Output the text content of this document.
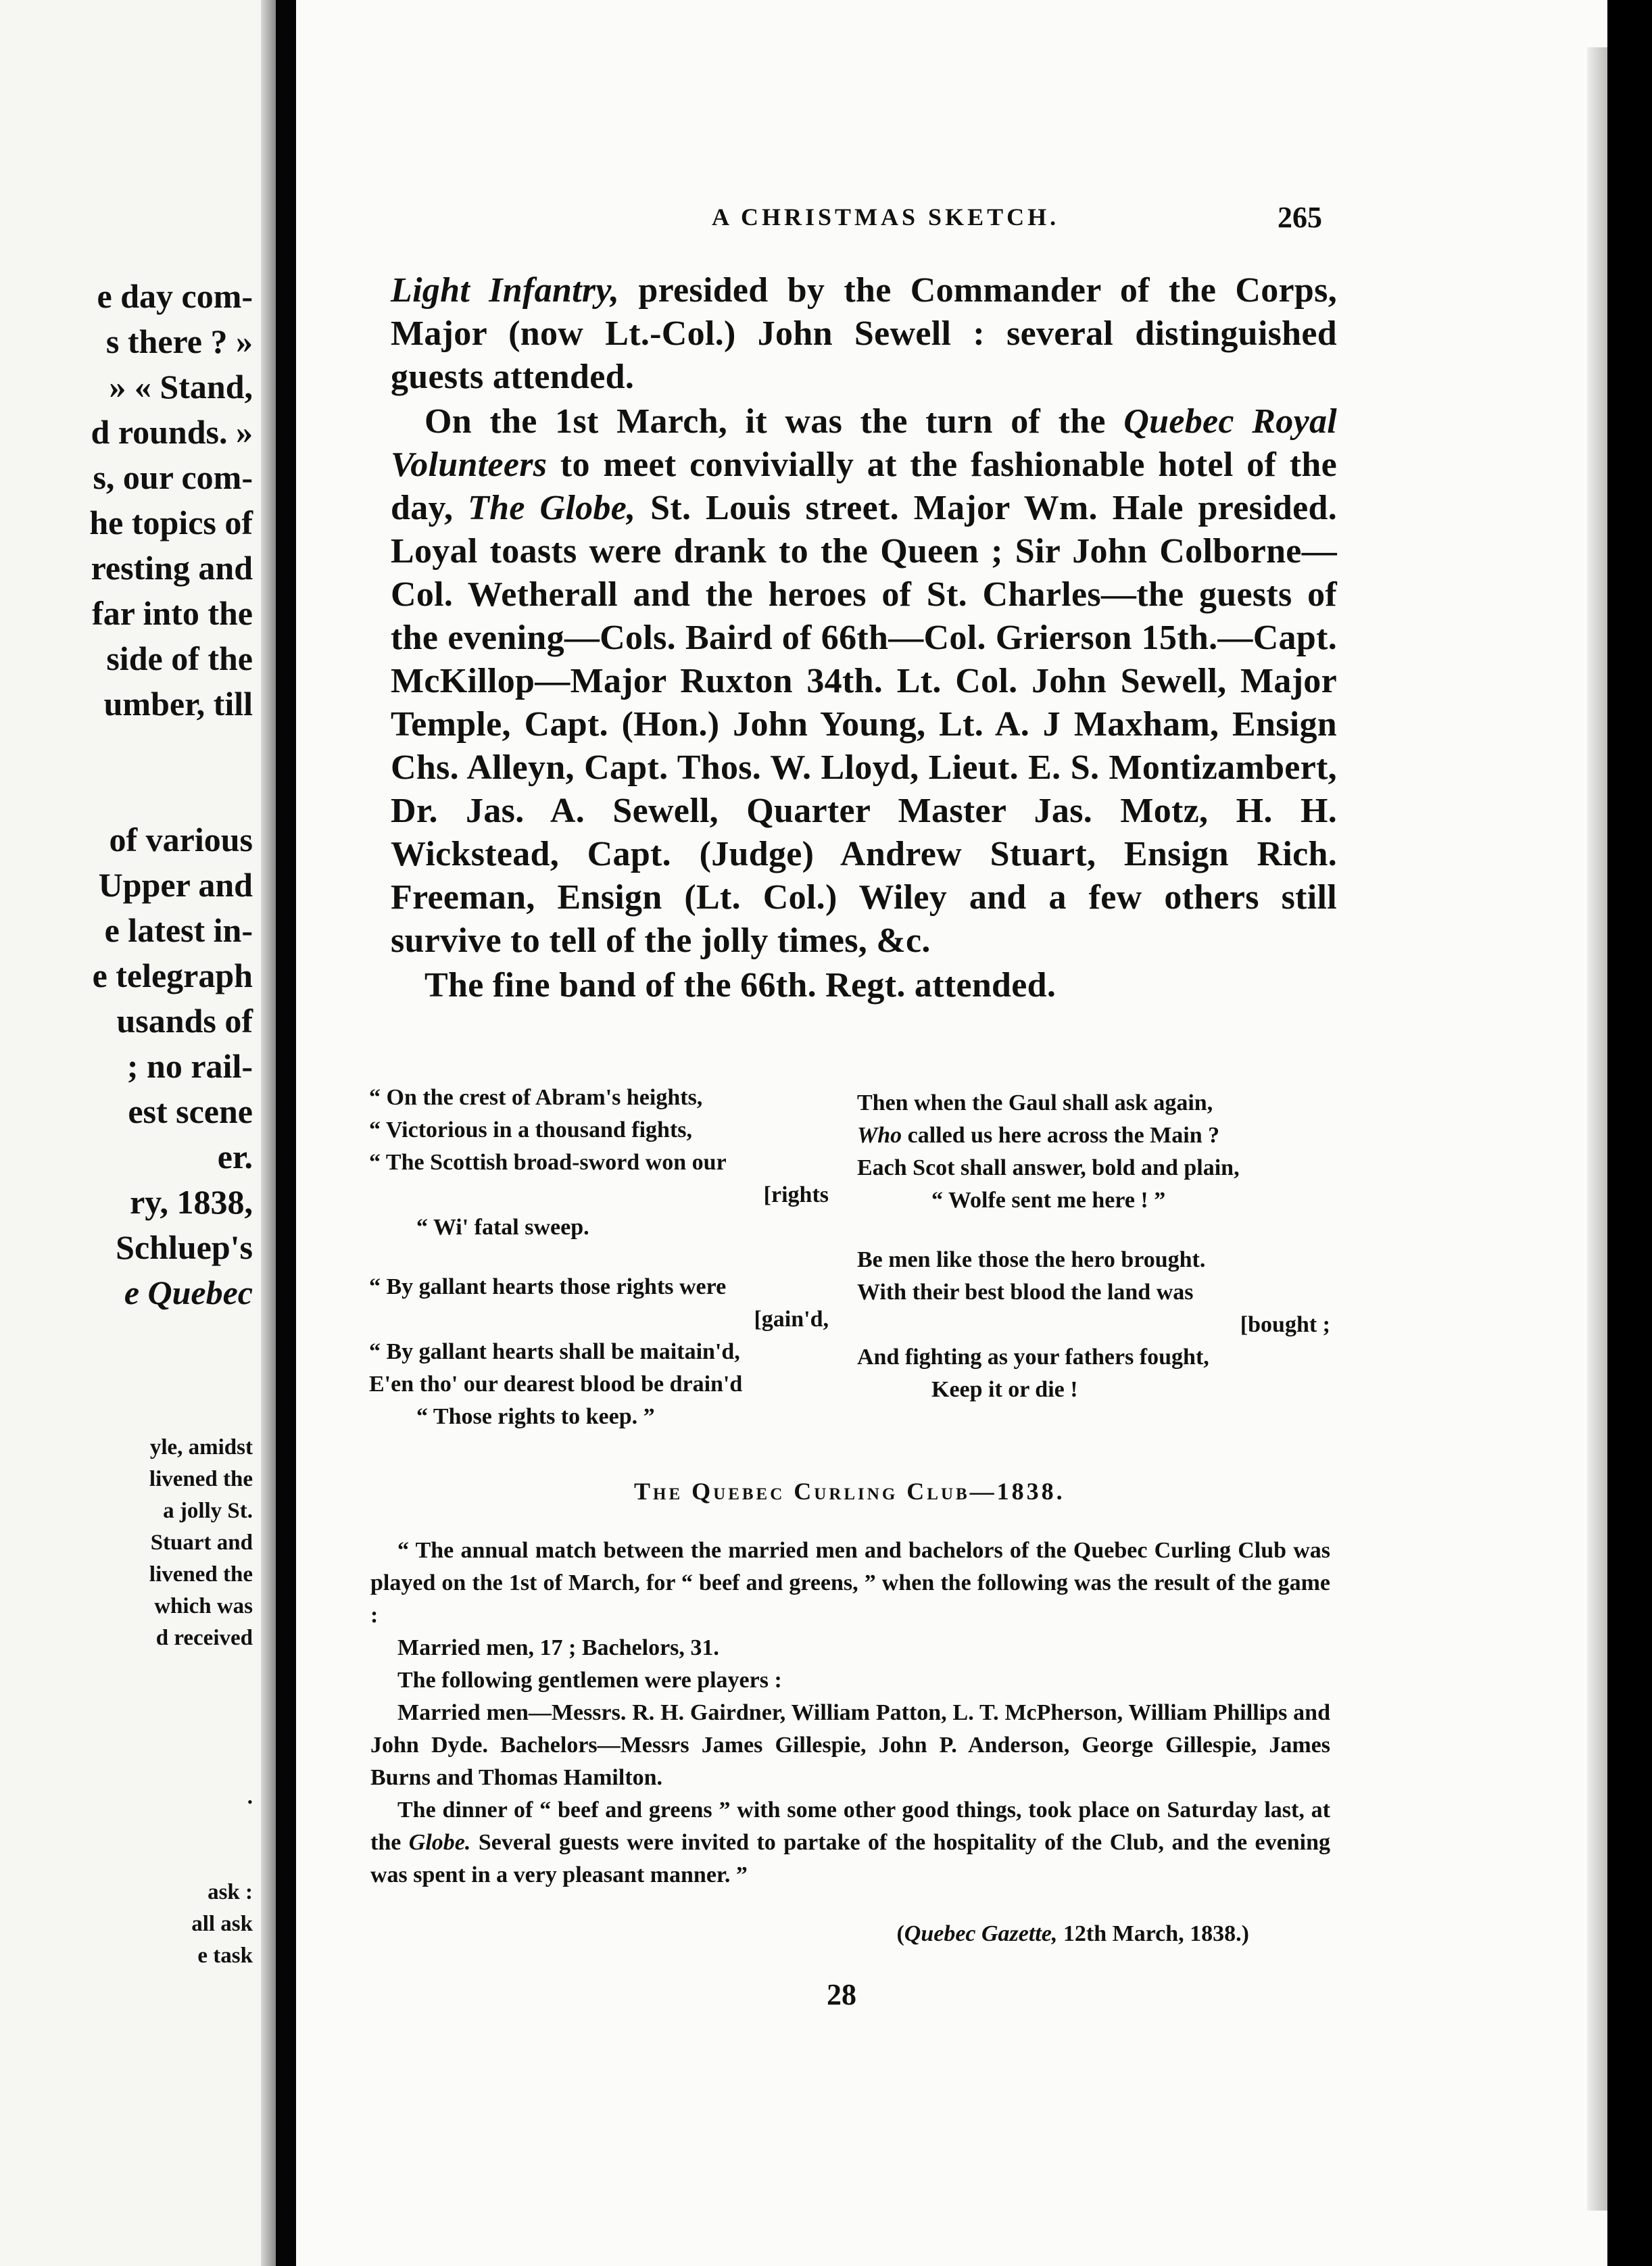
e day com-
s there ? »
» « Stand,
d rounds. »
s, our com-
he topics of
resting and
far into the
side of the
umber, till
of various
Upper and
e latest in-
e telegraph
usands of
; no rail-
est scene
er.
ry, 1838,
Schluep's
e Quebec
yle, amidst
livened the
a jolly St.
Stuart and
livened the
which was
d received
.
ask :
all ask
e task
A CHRISTMAS SKETCH.	265

Light Infantry, presided by the Commander of the Corps, Major (now Lt.-Col.) John Sewell : several distinguished guests attended.

On the 1st March, it was the turn of the Quebec Royal Volunteers to meet convivially at the fashionable hotel of the day, The Globe, St. Louis street. Major Wm. Hale presided. Loyal toasts were drank to the Queen ; Sir John Colborne—Col. Wetherall and the heroes of St. Charles—the guests of the evening—Cols. Baird of 66th—Col. Grierson 15th.—Capt. McKillop—Major Ruxton 34th. Lt. Col. John Sewell, Major Temple, Capt. (Hon.) John Young, Lt. A. J Maxham, Ensign Chs. Alleyn, Capt. Thos. W. Lloyd, Lieut. E. S. Montizambert, Dr. Jas. A. Sewell, Quarter Master Jas. Motz, H. H. Wickstead, Capt. (Judge) Andrew Stuart, Ensign Rich. Freeman, Ensign (Lt. Col.) Wiley and a few others still survive to tell of the jolly times, &c.

The fine band of the 66th. Regt. attended.

“ On the crest of Abram's heights,
“ Victorious in a thousand fights,
“ The Scottish broad-sword won our
[rights
“ Wi' fatal sweep.
“ By gallant hearts those rights were
[gain'd,
“ By gallant hearts shall be maitain'd,
E'en tho' our dearest blood be drain'd
“ Those rights to keep. ”
Then when the Gaul shall ask again,
Who called us here across the Main ?
Each Scot shall answer, bold and plain,
“ Wolfe sent me here ! ”
Be men like those the hero brought.
With their best blood the land was
[bought ;
And fighting as your fathers fought,
Keep it or die !
The Quebec Curling Club—1838.

“ The annual match between the married men and bachelors of the Quebec Curling Club was played on the 1st of March, for “ beef and greens, ” when the following was the result of the game :

Married men, 17 ; Bachelors, 31.

The following gentlemen were players :

Married men—Messrs. R. H. Gairdner, William Patton, L. T. McPherson, William Phillips and John Dyde. Bachelors—Messrs James Gillespie, John P. Anderson, George Gillespie, James Burns and Thomas Hamilton.

The dinner of “ beef and greens ” with some other good things, took place on Saturday last, at the Globe. Several guests were invited to partake of the hospitality of the Club, and the evening was spent in a very pleasant manner. ”

(Quebec Gazette, 12th March, 1838.)
28
